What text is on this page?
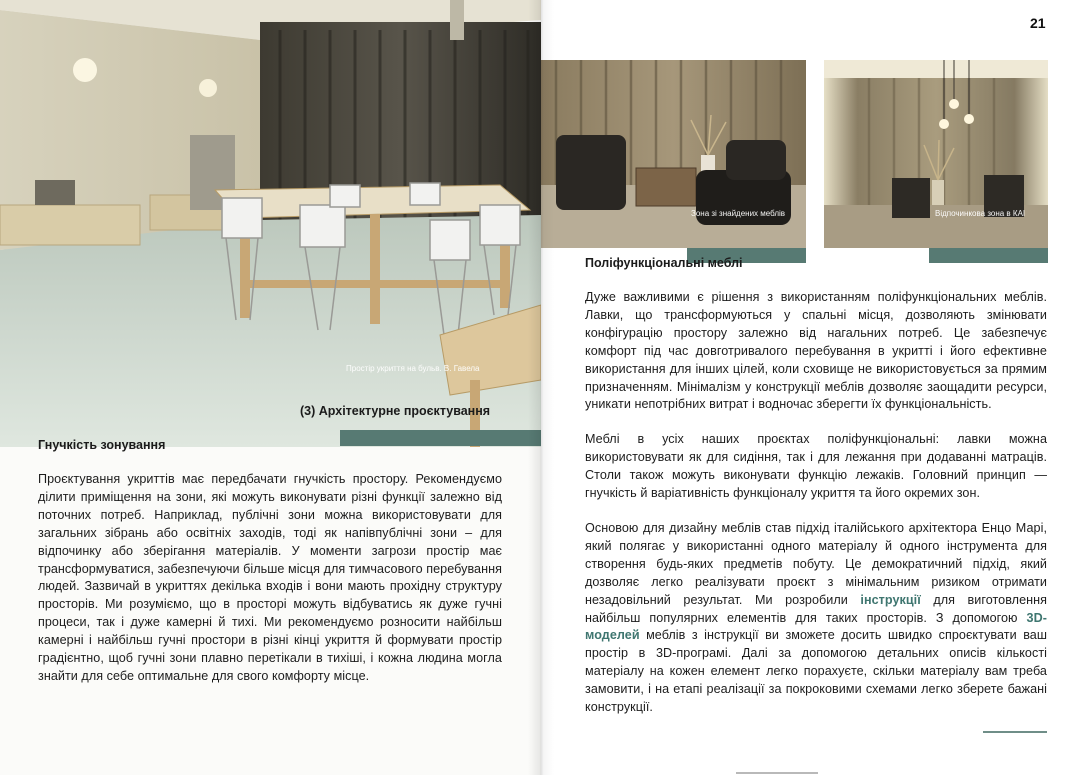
Простір укриття на бульв. В. Гавела
(3) Архітектурне проєктування
Гнучкість зонування

Проєктування укриттів має передбачати гнучкість простору. Рекомендуємо ділити приміщення на зони, які можуть виконувати різні функції залежно від поточних потреб. Наприклад, публічні зони можна використовувати для загальних зібрань або освітніх заходів, тоді як напівпублічні зони – для відпочинку або зберігання матеріалів. У моменти загрози простір має трансформуватися, забезпечуючи більше місця для тимчасового перебування людей. Зазвичай в укриттях декілька входів і вони мають прохідну структуру просторів. Ми розуміємо, що в просторі можуть відбуватись як дуже гучні процеси, так і дуже камерні й тихі. Ми рекомендуємо розносити найбільш камерні і найбільш гучні простори в різні кінці укриття й формувати простір градієнтно, щоб гучні зони плавно перетікали в тихіші, і кожна людина могла знайти для себе оптимальне для свого комфорту місце.

21
Зона зі знайдених меблів	Відпочинкова зона в КАІ
Поліфункціональні меблі

Дуже важливими є рішення з використанням поліфункціональних меблів. Лавки, що трансформуються у спальні місця, дозволяють змінювати конфігурацію простору залежно від нагальних потреб. Це забезпечує комфорт під час довготривалого перебування в укритті і його ефективне використання для інших цілей, коли сховище не використовується за прямим призначенням. Мінімалізм у конструкції меблів дозволяє заощадити ресурси, уникати непотрібних витрат і водночас зберегти їх функціональність.

Меблі в усіх наших проєктах поліфункціональні: лавки можна використовувати як для сидіння, так і для лежання при додаванні матраців. Столи також можуть виконувати функцію лежаків. Головний принцип — гнучкість й варіативність функціоналу укриття та його окремих зон.

Основою для дизайну меблів став підхід італійського архітектора Енцо Марі, який полягає у використанні одного матеріалу й одного інструмента для створення будь-яких предметів побуту. Це демократичний підхід, який дозволяє легко реалізувати проєкт з мінімальним ризиком отримати незадовільний результат. Ми розробили інструкції для виготовлення найбільш популярних елементів для таких просторів. З допомогою 3D-моделей меблів з інструкції ви зможете досить швидко спроєктувати ваш простір в 3D-програмі. Далі за допомогою детальних описів кількості матеріалу на кожен елемент легко порахуєте, скільки матеріалу вам треба замовити, і на етапі реалізації за покроковими схемами легко зберете бажані конструкції.
